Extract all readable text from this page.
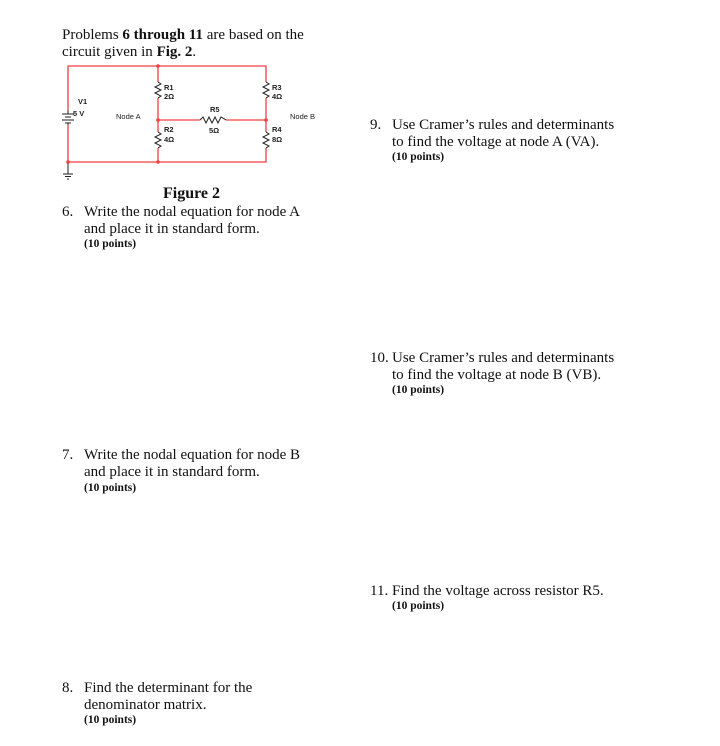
Problems 6 through 11 are based on the
circuit given in Fig. 2.
V1
5 V
R1
2Ω
R2
4Ω
R3
4Ω
R4
8Ω
R5
5Ω
Node A	Node B
Figure 2
6. Write the nodal equation for node A
and place it in standard form.
(10 points)
7. Write the nodal equation for node B
and place it in standard form.
(10 points)
8. Find the determinant for the
denominator matrix.
(10 points)
9. Use Cramer’s rules and determinants
to find the voltage at node A (VA).
(10 points)
10. Use Cramer’s rules and determinants
to find the voltage at node B (VB).
(10 points)
11. Find the voltage across resistor R5.
(10 points)
